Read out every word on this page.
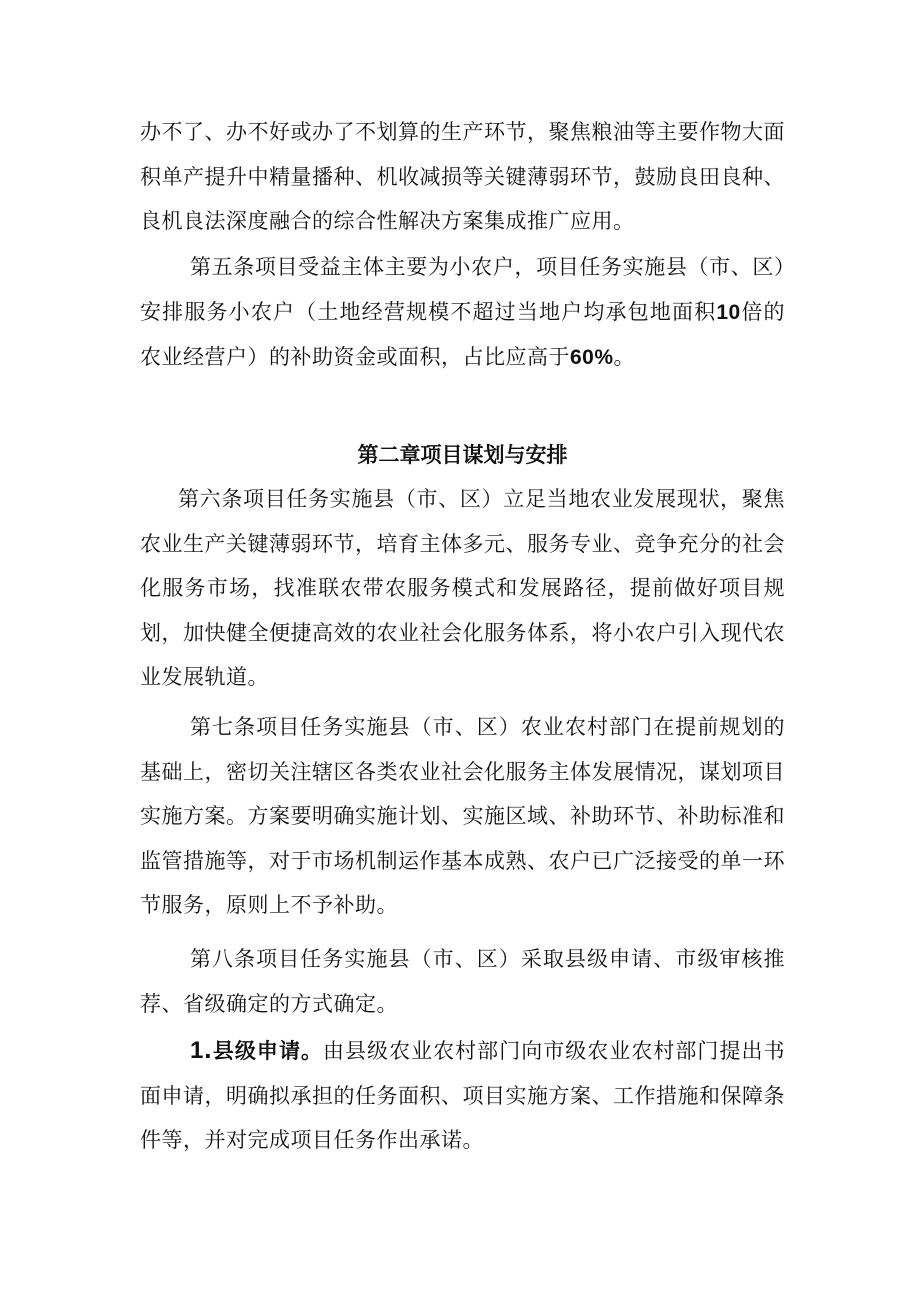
办不了、办不好或办了不划算的生产环节，聚焦粮油等主要作物大面积单产提升中精量播种、机收减损等关键薄弱环节，鼓励良田良种、良机良法深度融合的综合性解决方案集成推广应用。

第五条项目受益主体主要为小农户，项目任务实施县（市、区）安排服务小农户（土地经营规模不超过当地户均承包地面积10倍的农业经营户）的补助资金或面积，占比应高于60%。

第二章项目谋划与安排

第六条项目任务实施县（市、区）立足当地农业发展现状，聚焦农业生产关键薄弱环节，培育主体多元、服务专业、竞争充分的社会化服务市场，找准联农带农服务模式和发展路径，提前做好项目规划，加快健全便捷高效的农业社会化服务体系，将小农户引入现代农业发展轨道。

第七条项目任务实施县（市、区）农业农村部门在提前规划的基础上，密切关注辖区各类农业社会化服务主体发展情况，谋划项目实施方案。方案要明确实施计划、实施区域、补助环节、补助标准和监管措施等，对于市场机制运作基本成熟、农户已广泛接受的单一环节服务，原则上不予补助。

第八条项目任务实施县（市、区）采取县级申请、市级审核推荐、省级确定的方式确定。

1.县级申请。由县级农业农村部门向市级农业农村部门提出书面申请，明确拟承担的任务面积、项目实施方案、工作措施和保障条件等，并对完成项目任务作出承诺。
